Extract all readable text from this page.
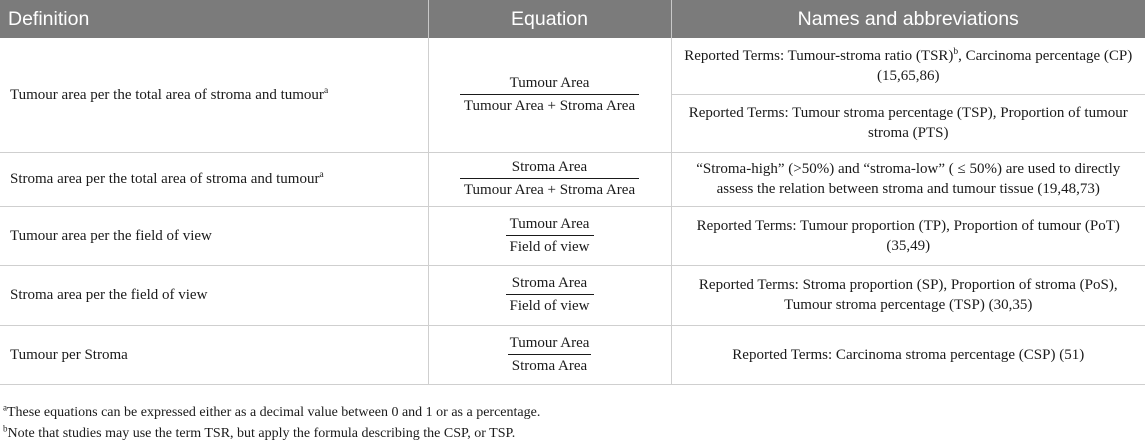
Definition	Equation	Names and abbreviations
Tumour area per the total area of stroma and tumour$^a$	$\frac{\text{Tumour Area}}{\text{Tumour Area + Stroma Area}}$	Reported Terms: Tumour-stroma ratio (TSR)$^b$, Carcinoma percentage (CP) (15,65,86)
		Reported Terms: Tumour stroma percentage (TSP), Proportion of tumour stroma (PTS)
Stroma area per the total area of stroma and tumour$^a$	$\frac{\text{Stroma Area}}{\text{Tumour Area + Stroma Area}}$	“Stroma-high” (>50%) and “stroma-low” ( ≤ 50%) are used to directly assess the relation between stroma and tumour tissue (19,48,73)
Tumour area per the field of view	$\frac{\text{Tumour Area}}{\text{Field of view}}$	Reported Terms: Tumour proportion (TP), Proportion of tumour (PoT) (35,49)
Stroma area per the field of view	$\frac{\text{Stroma Area}}{\text{Field of view}}$	Reported Terms: Stroma proportion (SP), Proportion of stroma (PoS), Tumour stroma percentage (TSP) (30,35)
Tumour per Stroma	$\frac{\text{Tumour Area}}{\text{Stroma Area}}$	Reported Terms: Carcinoma stroma percentage (CSP) (51)
$^a$These equations can be expressed either as a decimal value between 0 and 1 or as a percentage.
$^b$Note that studies may use the term TSR, but apply the formula describing the CSP, or TSP.
